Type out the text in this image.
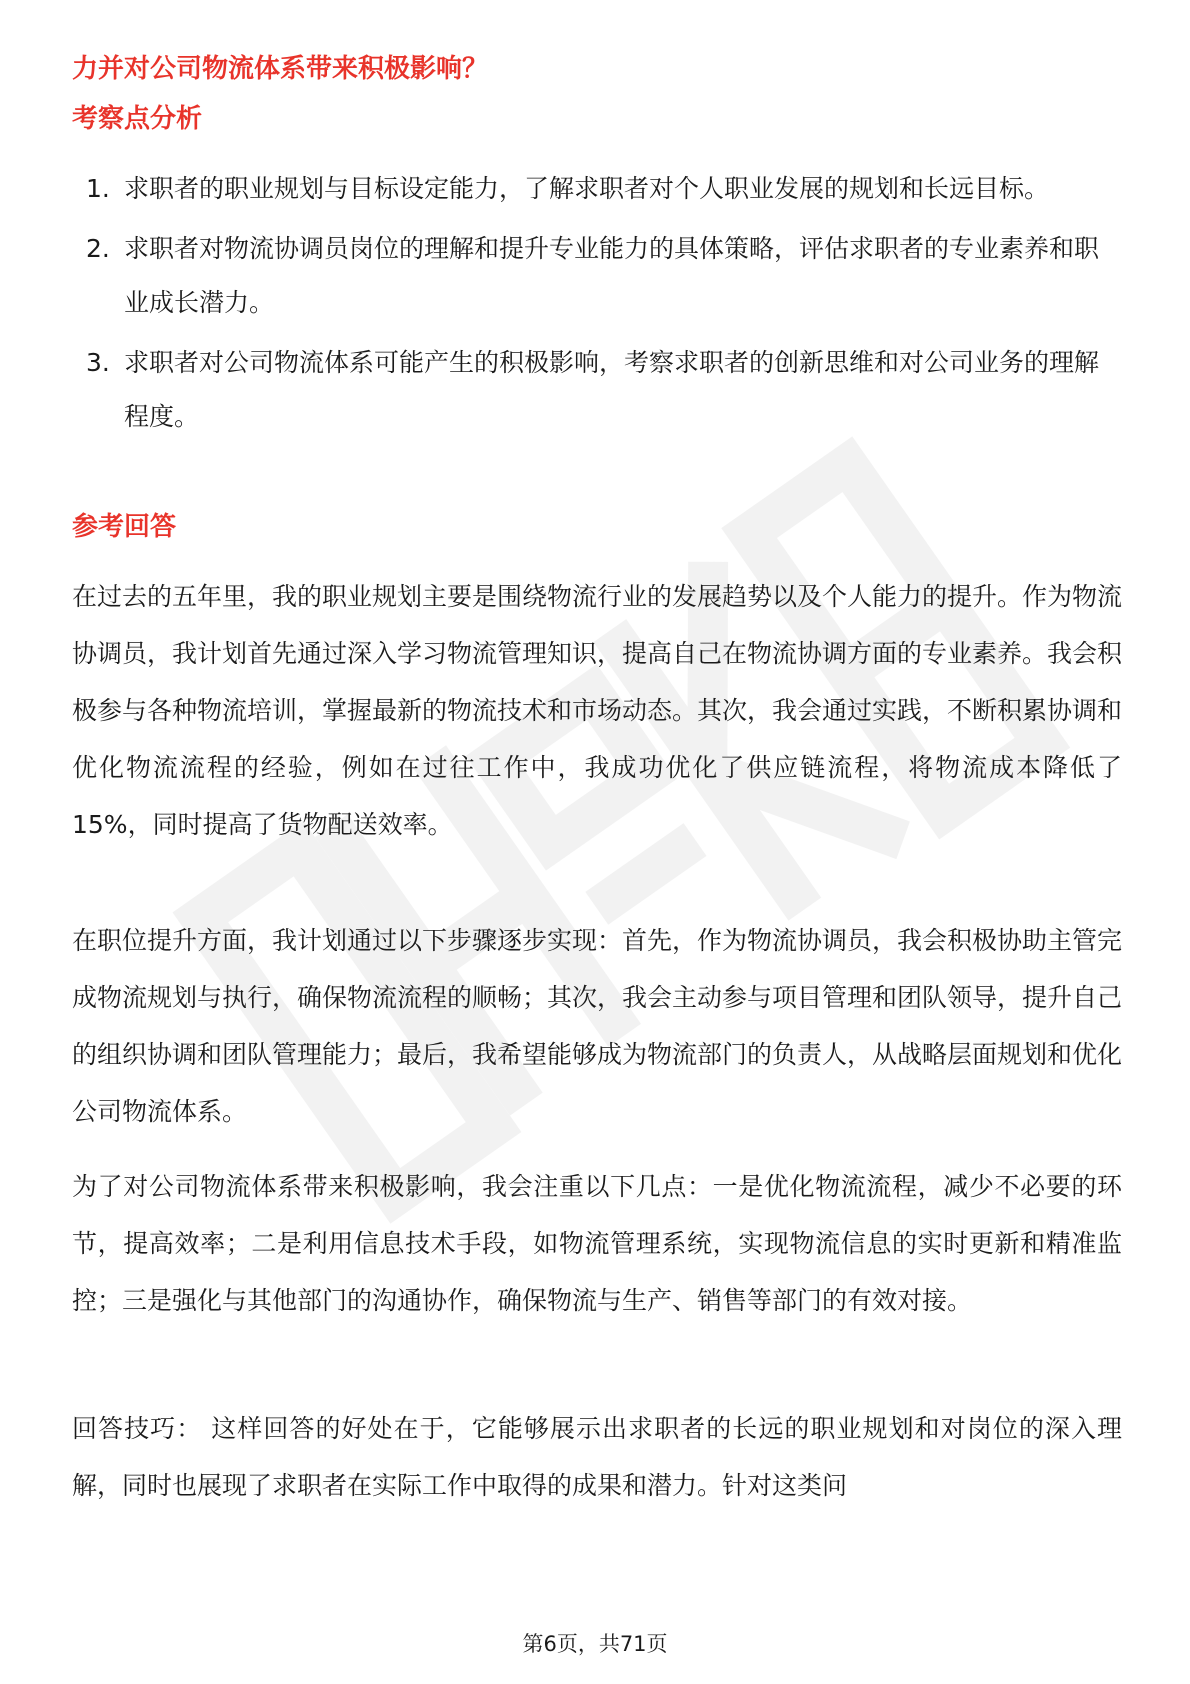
力并对公司物流体系带来积极影响？

考察点分析

1. 求职者的职业规划与目标设定能力，了解求职者对个人职业发展的规划和长远目标。
2. 求职者对物流协调员岗位的理解和提升专业能力的具体策略，评估求职者的专业素养和职业成长潜力。
3. 求职者对公司物流体系可能产生的积极影响，考察求职者的创新思维和对公司业务的理解程度。

参考回答

在过去的五年里，我的职业规划主要是围绕物流行业的发展趋势以及个人能力的提升。作为物流协调员，我计划首先通过深入学习物流管理知识，提高自己在物流协调方面的专业素养。我会积极参与各种物流培训，掌握最新的物流技术和市场动态。其次，我会通过实践，不断积累协调和优化物流流程的经验，例如在过往工作中，我成功优化了供应链流程，将物流成本降低了15%，同时提高了货物配送效率。

在职位提升方面，我计划通过以下步骤逐步实现：首先，作为物流协调员，我会积极协助主管完成物流规划与执行，确保物流流程的顺畅；其次，我会主动参与项目管理和团队领导，提升自己的组织协调和团队管理能力；最后，我希望能够成为物流部门的负责人，从战略层面规划和优化公司物流体系。

为了对公司物流体系带来积极影响，我会注重以下几点：一是优化物流流程，减少不必要的环节，提高效率；二是利用信息技术手段，如物流管理系统，实现物流信息的实时更新和精准监控；三是强化与其他部门的沟通协作，确保物流与生产、销售等部门的有效对接。

回答技巧： 这样回答的好处在于，它能够展示出求职者的长远的职业规划和对岗位的深入理解，同时也展现了求职者在实际工作中取得的成果和潜力。针对这类问

第6页，共71页
